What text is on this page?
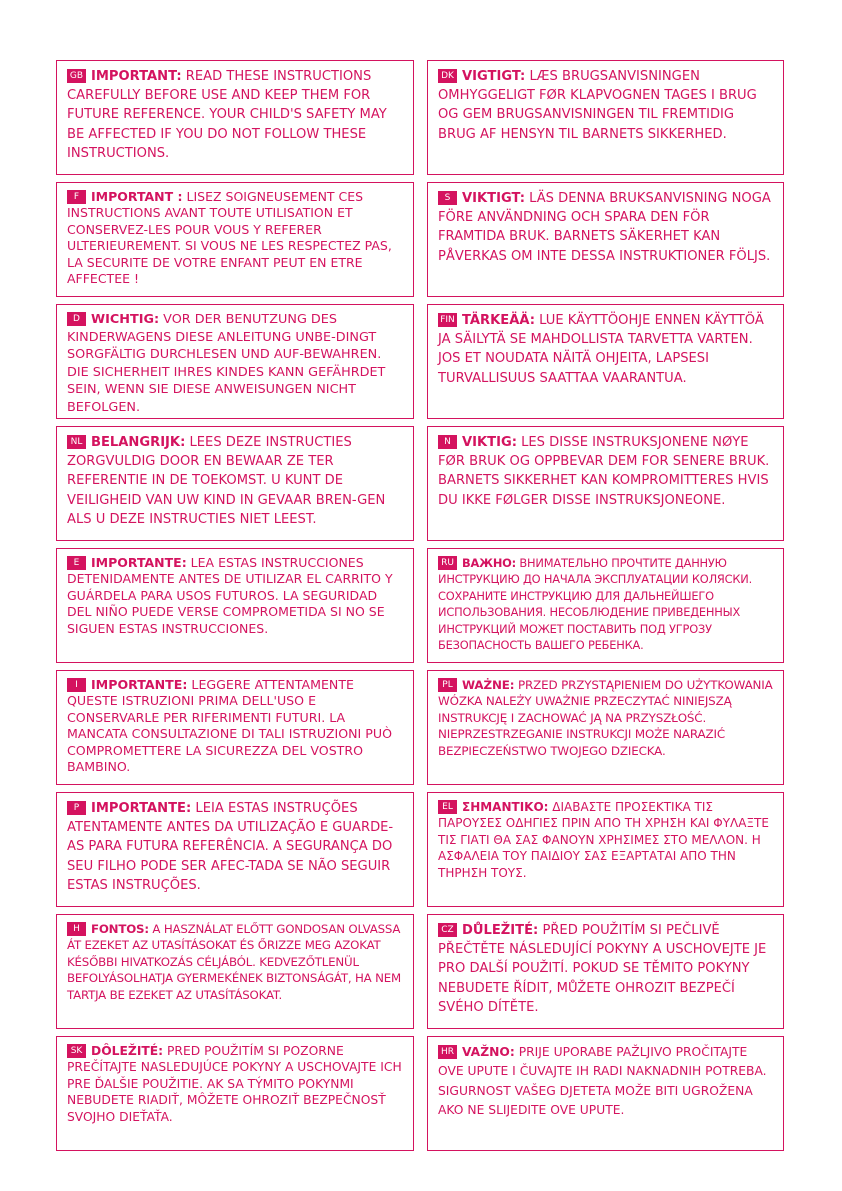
GB IMPORTANT: READ THESE INSTRUCTIONS CAREFULLY BEFORE USE AND KEEP THEM FOR FUTURE REFERENCE. YOUR CHILD'S SAFETY MAY BE AFFECTED IF YOU DO NOT FOLLOW THESE INSTRUCTIONS.

DK VIGTIGT: LÆS BRUGSANVISNINGEN OMHYGGELIGT FØR KLAPVOGNEN TAGES I BRUG OG GEM BRUGSANVISNINGEN TIL FREMTIDIG BRUG AF HENSYN TIL BARNETS SIKKERHED.

F IMPORTANT : LISEZ SOIGNEUSEMENT CES INSTRUCTIONS AVANT TOUTE UTILISATION ET CONSERVEZ-LES POUR VOUS Y REFERER ULTERIEUREMENT. SI VOUS NE LES RESPECTEZ PAS, LA SECURITE DE VOTRE ENFANT PEUT EN ETRE AFFECTEE !

S VIKTIGT: LÄS DENNA BRUKSANVISNING NOGA FÖRE ANVÄNDNING OCH SPARA DEN FÖR FRAMTIDA BRUK. BARNETS SÄKERHET KAN PÅVERKAS OM INTE DESSA INSTRUKTIONER FÖLJS.

D WICHTIG: VOR DER BENUTZUNG DES KINDERWAGENS DIESE ANLEITUNG UNBE-DINGT SORGFÄLTIG DURCHLESEN UND AUF-BEWAHREN. DIE SICHERHEIT IHRES KINDES KANN GEFÄHRDET SEIN, WENN SIE DIESE ANWEISUNGEN NICHT BEFOLGEN.

FIN TÄRKEÄÄ: LUE KÄYTTÖOHJE ENNEN KÄYTTÖÄ JA SÄILYTÄ SE MAHDOLLISTA TARVETTA VARTEN. JOS ET NOUDATA NÄITÄ OHJEITA, LAPSESI TURVALLISUUS SAATTAA VAARANTUA.

NL BELANGRIJK: LEES DEZE INSTRUCTIES ZORGVULDIG DOOR EN BEWAAR ZE TER REFERENTIE IN DE TOEKOMST. U KUNT DE VEILIGHEID VAN UW KIND IN GEVAAR BREN-GEN ALS U DEZE INSTRUCTIES NIET LEEST.

N VIKTIG: LES DISSE INSTRUKSJONENE NØYE FØR BRUK OG OPPBEVAR DEM FOR SENERE BRUK. BARNETS SIKKERHET KAN KOMPROMITTERES HVIS DU IKKE FØLGER DISSE INSTRUKSJONEONE.

E IMPORTANTE: LEA ESTAS INSTRUCCIONES DETENIDAMENTE ANTES DE UTILIZAR EL CARRITO Y GUÁRDELA PARA USOS FUTUROS. LA SEGURIDAD DEL NIÑO PUEDE VERSE COMPROMETIDA SI NO SE SIGUEN ESTAS INSTRUCCIONES.

RU ВАЖНО: ВНИМАТЕЛЬНО ПРОЧТИТЕ ДАННУЮ ИНСТРУКЦИЮ ДО НАЧАЛА ЭКСПЛУАТАЦИИ КОЛЯСКИ. СОХРАНИТЕ ИНСТРУКЦИЮ ДЛЯ ДАЛЬНЕЙШЕГО ИСПОЛЬЗОВАНИЯ. НЕСОБЛЮДЕНИЕ ПРИВЕДЕННЫХ ИНСТРУКЦИЙ МОЖЕТ ПОСТАВИТЬ ПОД УГРОЗУ БЕЗОПАСНОСТЬ ВАШЕГО РЕБЕНКА.

I IMPORTANTE: LEGGERE ATTENTAMENTE QUESTE ISTRUZIONI PRIMA DELL'USO E CONSERVARLE PER RIFERIMENTI FUTURI. LA MANCATA CONSULTAZIONE DI TALI ISTRUZIONI PUÒ COMPROMETTERE LA SICUREZZA DEL VOSTRO BAMBINO.

PL WAŻNE: PRZED PRZYSTĄPIENIEM DO UŻYTKOWANIA WÓZKA NALEŻY UWAŻNIE PRZECZYTAĆ NINIEJSZĄ INSTRUKCJĘ I ZACHOWAĆ JĄ NA PRZYSZŁOŚĆ. NIEPRZESTRZEGANIE INSTRUKCJI MOŻE NARAZIĆ BEZPIECZEŃSTWO TWOJEGO DZIECKA.

P IMPORTANTE: LEIA ESTAS INSTRUÇÕES ATENTAMENTE ANTES DA UTILIZAÇÃO E GUARDE-AS PARA FUTURA REFERÊNCIA. A SEGURANÇA DO SEU FILHO PODE SER AFEC-TADA SE NÃO SEGUIR ESTAS INSTRUÇÕES.

EL ΣΗΜΑΝΤΙΚΟ: ΔΙΑΒΑΣΤΕ ΠΡΟΣΕΚΤΙΚΑ ΤΙΣ ΠΑΡΟΥΣΕΣ ΟΔΗΓΙΕΣ ΠΡΙΝ ΑΠΟ ΤΗ ΧΡΗΣΗ ΚΑΙ ΦΥΛΑΞΤΕ ΤΙΣ ΓΙΑΤΙ ΘΑ ΣΑΣ ΦΑΝΟΥΝ ΧΡΗΣΙΜΕΣ ΣΤΟ ΜΕΛΛΟΝ. Η ΑΣΦΑΛΕΙΑ ΤΟΥ ΠΑΙΔΙΟΥ ΣΑΣ ΕΞΑΡΤΑΤΑΙ ΑΠΟ ΤΗΝ ΤΗΡΗΣΗ ΤΟΥΣ.

H FONTOS: A HASZNÁLAT ELŐTT GONDOSAN OLVASSA ÁT EZEKET AZ UTASÍTÁSOKAT ÉS ŐRIZZE MEG AZOKAT KÉSŐBBI HIVATKOZÁS CÉLJÁBÓL. KEDVEZŐTLENÜL BEFOLYÁSOLHATJA GYERMEKÉNEK BIZTONSÁGÁT, HA NEM TARTJA BE EZEKET AZ UTASÍTÁSOKAT.

CZ DŮLEŽITÉ: PŘED POUŽITÍM SI PEČLIVĚ PŘEČTĚTE NÁSLEDUJÍCÍ POKYNY A USCHOVEJTE JE PRO DALŠÍ POUŽITÍ. POKUD SE TĚMITO POKYNY NEBUDETE ŘÍDIT, MŮŽETE OHROZIT BEZPEČÍ SVÉHO DÍTĚTE.

SK DÔLEŽITÉ: PRED POUŽITÍM SI POZORNE PREČÍTAJTE NASLEDUJÚCE POKYNY A USCHOVAJTE ICH PRE ĎALŠIE POUŽITIE. AK SA TÝMITO POKYNMI NEBUDETE RIADIŤ, MÔŽETE OHROZIŤ BEZPEČNOSŤ SVOJHO DIEŤAŤA.

HR VAŽNO: PRIJE UPORABE PAŽLJIVO PROČITAJTE OVE UPUTE I ČUVAJTE IH RADI NAKNADNIH POTREBA. SIGURNOST VAŠEG DJETETA MOŽE BITI UGROŽENA AKO NE SLIJEDITE OVE UPUTE.
